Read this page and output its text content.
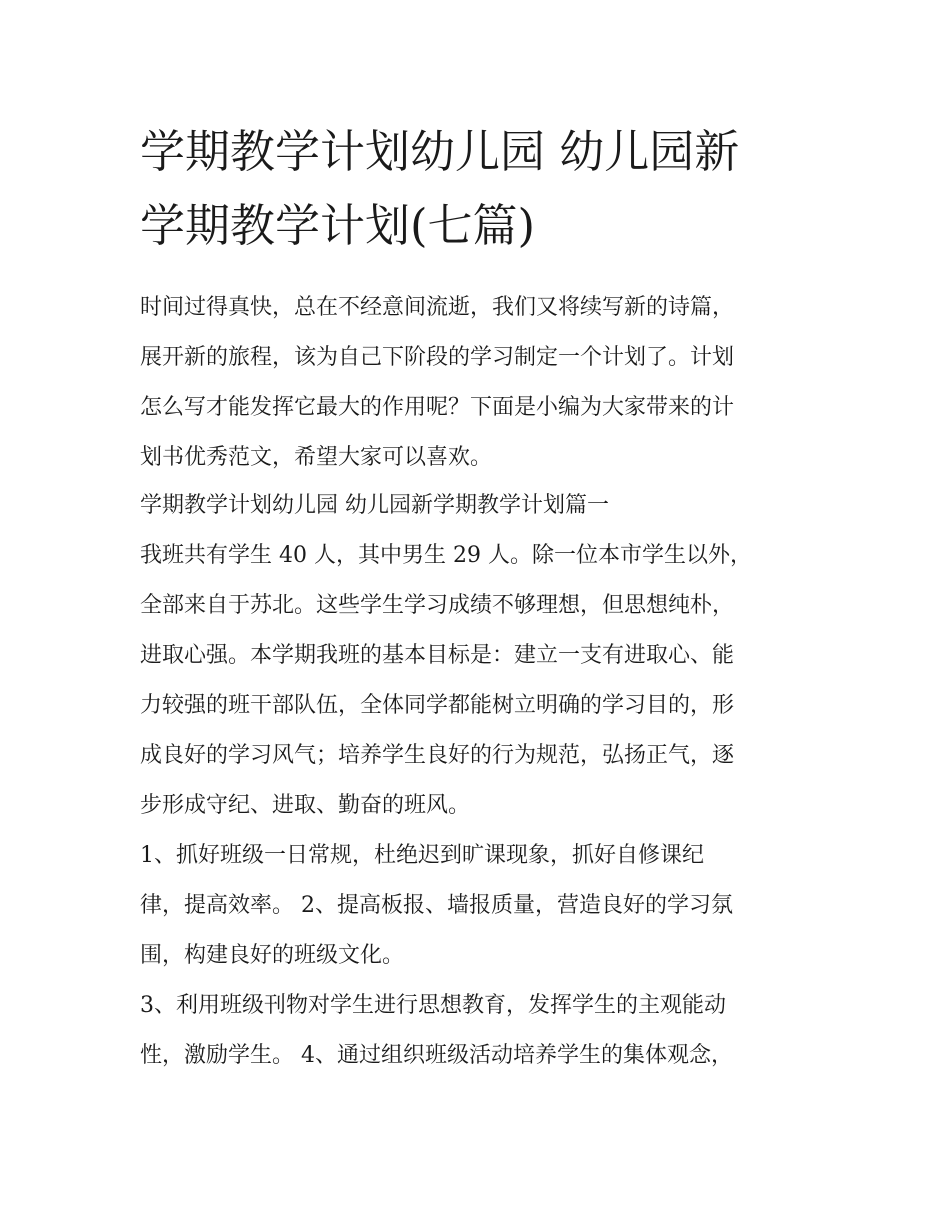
学期教学计划幼儿园 幼儿园新
学期教学计划(七篇)

时间过得真快，总在不经意间流逝，我们又将续写新的诗篇，
展开新的旅程，该为自己下阶段的学习制定一个计划了。计划
怎么写才能发挥它最大的作用呢？下面是小编为大家带来的计
划书优秀范文，希望大家可以喜欢。

学期教学计划幼儿园 幼儿园新学期教学计划篇一

我班共有学生 40 人，其中男生 29 人。除一位本市学生以外，
全部来自于苏北。这些学生学习成绩不够理想，但思想纯朴，
进取心强。本学期我班的基本目标是：建立一支有进取心、能
力较强的班干部队伍，全体同学都能树立明确的学习目的，形
成良好的学习风气；培养学生良好的行为规范，弘扬正气，逐
步形成守纪、进取、勤奋的班风。

1、抓好班级一日常规，杜绝迟到旷课现象，抓好自修课纪
律，提高效率。 2、提高板报、墙报质量，营造良好的学习氛
围，构建良好的班级文化。

3、利用班级刊物对学生进行思想教育，发挥学生的主观能动
性，激励学生。 4、通过组织班级活动培养学生的集体观念，
